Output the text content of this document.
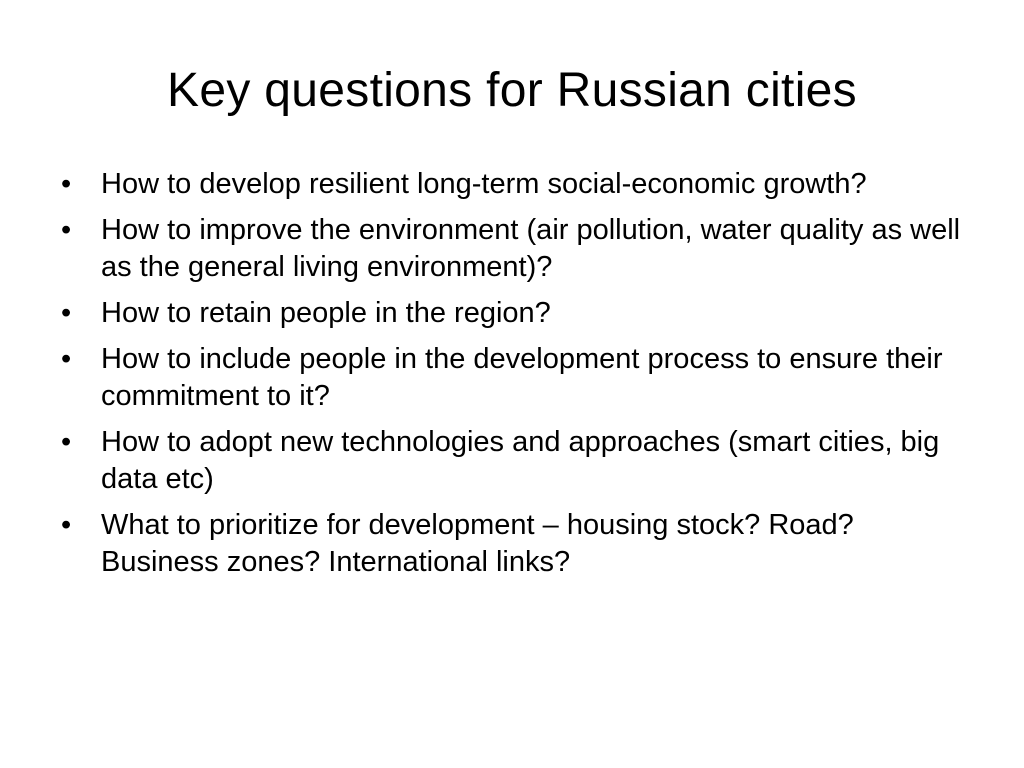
Key questions for Russian cities
•	How to develop resilient long-term social-economic growth?
•	How to improve the environment (air pollution, water quality as well as the general living environment)?
•	How to retain people in the region?
•	How to include people in the development process to ensure their commitment to it?
•	How to adopt new technologies and approaches (smart cities, big data etc)
•	What to prioritize for development – housing stock? Road? Business zones? International links?
